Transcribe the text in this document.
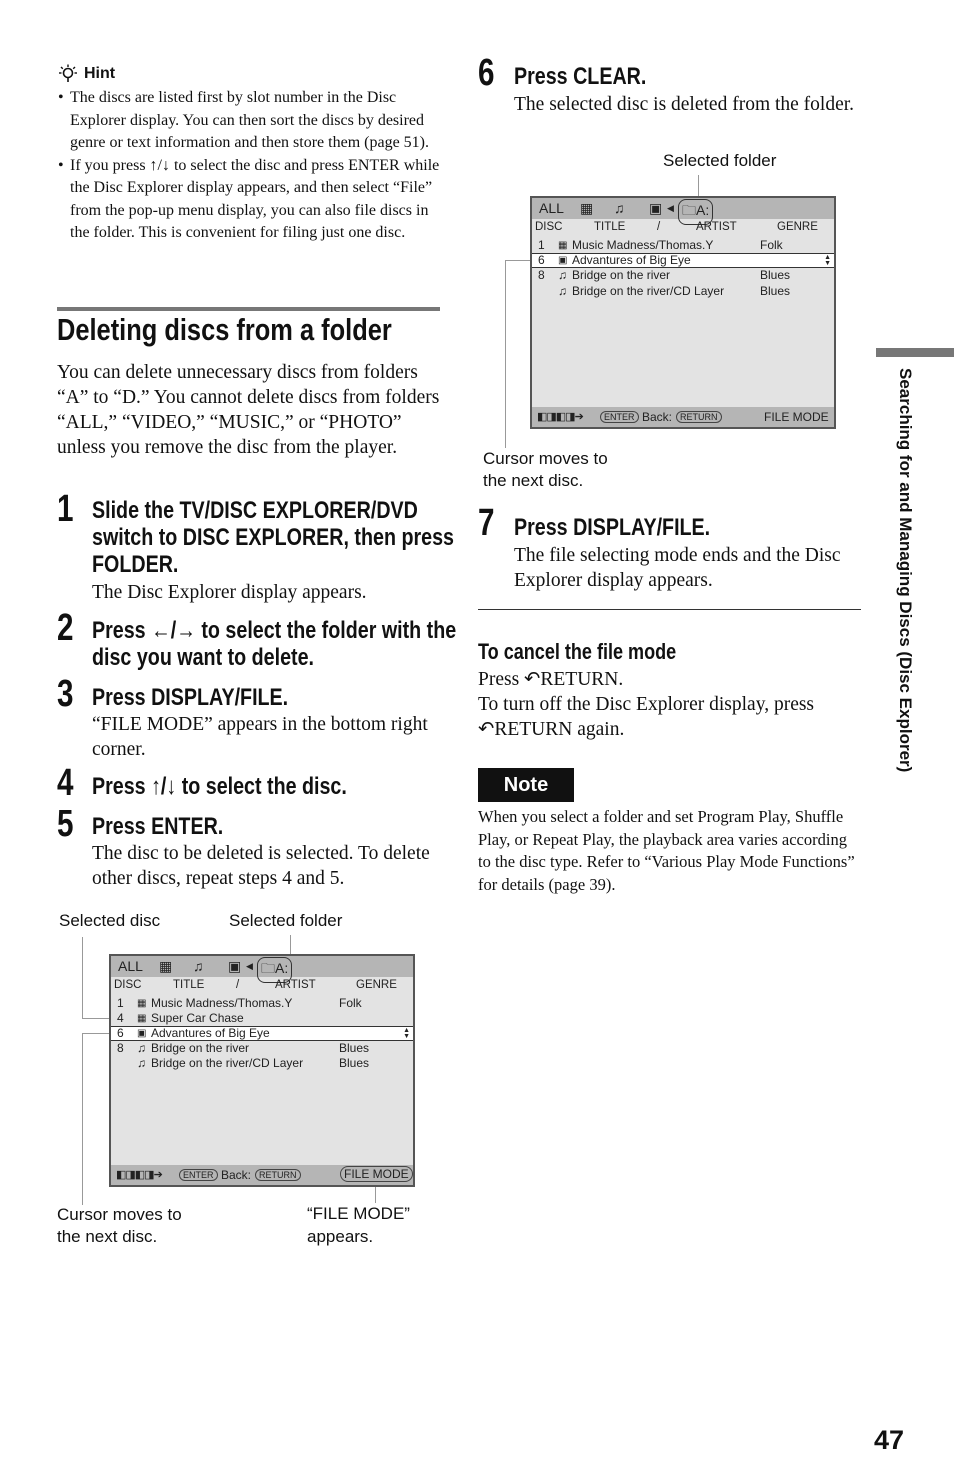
Hint
• The discs are listed first by slot number in the Disc Explorer display. You can then sort the discs by desired genre or text information and then store them (page 51).
• If you press ↑/↓ to select the disc and press ENTER while the Disc Explorer display appears, and then select “File” from the pop-up menu display, you can also file discs in the folder. This is convenient for filing just one disc.
Deleting discs from a folder
You can delete unnecessary discs from folders “A” to “D.” You cannot delete discs from folders “ALL,” “VIDEO,” “MUSIC,” or “PHOTO” unless you remove the disc from the player.
1 Slide the TV/DISC EXPLORER/DVD
switch to DISC EXPLORER, then press
FOLDER.
The Disc Explorer display appears.
2 Press ←/→ to select the folder with the
disc you want to delete.
3 Press DISPLAY/FILE.
“FILE MODE” appears in the bottom right corner.
4 Press ↑/↓ to select the disc.
5 Press ENTER.
The disc to be deleted is selected. To delete other discs, repeat steps 4 and 5.
Selected disc	Selected folder
ALL ▦ ♫ ▣ ◀ 🗀A:
DISC	TITLE	/	ARTIST	GENRE
1 ▦ Music Madness/Thomas.Y	Folk
4 ▦ Super Car Chase
6 ▣ Advantures of Big Eye	▲
▼
8 ♫ Bridge on the river	Blues
♫ Bridge on the river/CD Layer	Blues
◧◨◧◨➔	ENTER Back: RETURN	FILE MODE
Cursor moves to
the next disc.
“FILE MODE”
appears.
6 Press CLEAR.
The selected disc is deleted from the folder.
Selected folder
ALL ▦ ♫ ▣ ◀ 🗀A:
DISC	TITLE	/	ARTIST	GENRE
1 ▦ Music Madness/Thomas.Y	Folk
6 ▣ Advantures of Big Eye	▲
▼
8 ♫ Bridge on the river	Blues
♫ Bridge on the river/CD Layer	Blues
◧◨◧◨➔	ENTER Back: RETURN	FILE MODE
Cursor moves to
the next disc.
7 Press DISPLAY/FILE.
The file selecting mode ends and the Disc Explorer display appears.
To cancel the file mode
Press ↶RETURN.
To turn off the Disc Explorer display, press ↶RETURN again.
Note
When you select a folder and set Program Play, Shuffle Play, or Repeat Play, the playback area varies according to the disc type. Refer to “Various Play Mode Functions” for details (page 39).
Searching for and Managing Discs (Disc Explorer)
47
